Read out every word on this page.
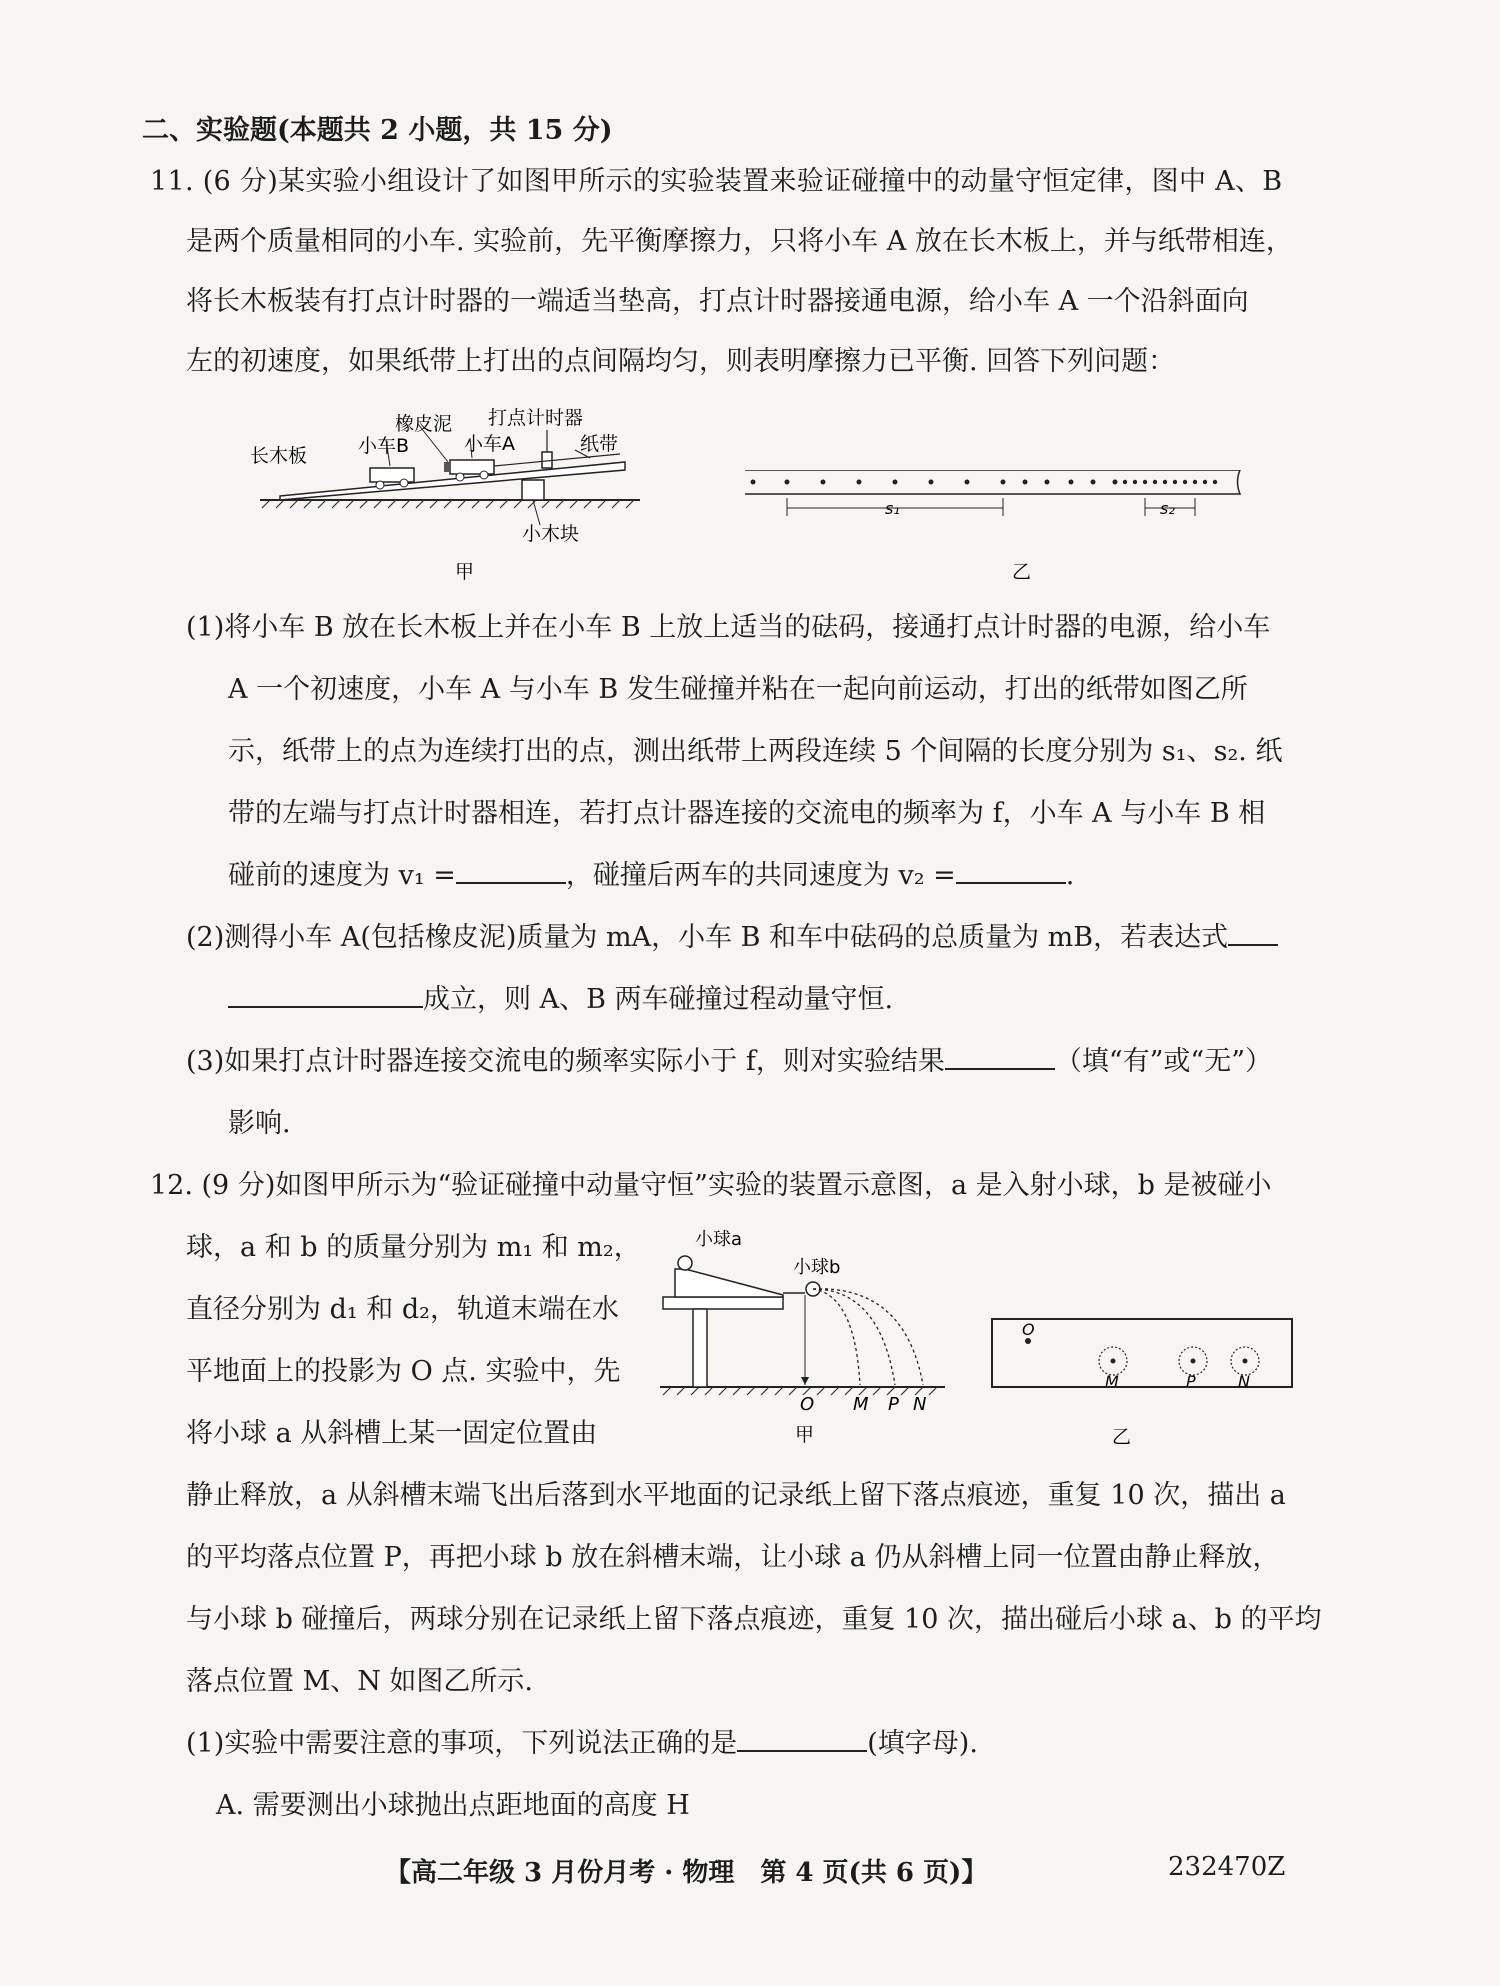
二、实验题(本题共 2 小题，共 15 分)
11. (6 分)某实验小组设计了如图甲所示的实验装置来验证碰撞中的动量守恒定律，图中 A、B
是两个质量相同的小车. 实验前，先平衡摩擦力，只将小车 A 放在长木板上，并与纸带相连，
将长木板装有打点计时器的一端适当垫高，打点计时器接通电源，给小车 A 一个沿斜面向
左的初速度，如果纸带上打出的点间隔均匀，则表明摩擦力已平衡. 回答下列问题：
长木板	小车B
橡皮泥 打点计时器
小车A	纸带
小木块
甲
s₁	s₂
乙
(1)将小车 B 放在长木板上并在小车 B 上放上适当的砝码，接通打点计时器的电源，给小车
A 一个初速度，小车 A 与小车 B 发生碰撞并粘在一起向前运动，打出的纸带如图乙所
示，纸带上的点为连续打出的点，测出纸带上两段连续 5 个间隔的长度分别为 s₁、s₂. 纸
带的左端与打点计时器相连，若打点计器连接的交流电的频率为 f，小车 A 与小车 B 相
碰前的速度为 v₁ =	，碰撞后两车的共同速度为 v₂ =	.
(2)测得小车 A(包括橡皮泥)质量为 mA，小车 B 和车中砝码的总质量为 mB，若表达式
成立，则 A、B 两车碰撞过程动量守恒.
(3)如果打点计时器连接交流电的频率实际小于 f，则对实验结果	（填“有”或“无”）
影响.
12. (9 分)如图甲所示为“验证碰撞中动量守恒”实验的装置示意图，a 是入射小球，b 是被碰小
球，a 和 b 的质量分别为 m₁ 和 m₂，
直径分别为 d₁ 和 d₂，轨道末端在水
平地面上的投影为 O 点. 实验中，先
将小球 a 从斜槽上某一固定位置由
小球a
小球b
O M P N
甲
O
M	P	N
乙
静止释放，a 从斜槽末端飞出后落到水平地面的记录纸上留下落点痕迹，重复 10 次，描出 a
的平均落点位置 P，再把小球 b 放在斜槽末端，让小球 a 仍从斜槽上同一位置由静止释放，
与小球 b 碰撞后，两球分别在记录纸上留下落点痕迹，重复 10 次，描出碰后小球 a、b 的平均
落点位置 M、N 如图乙所示.
(1)实验中需要注意的事项，下列说法正确的是	(填字母).
A. 需要测出小球抛出点距地面的高度 H
【高二年级 3 月份月考 · 物理　第 4 页(共 6 页)】	232470Z
